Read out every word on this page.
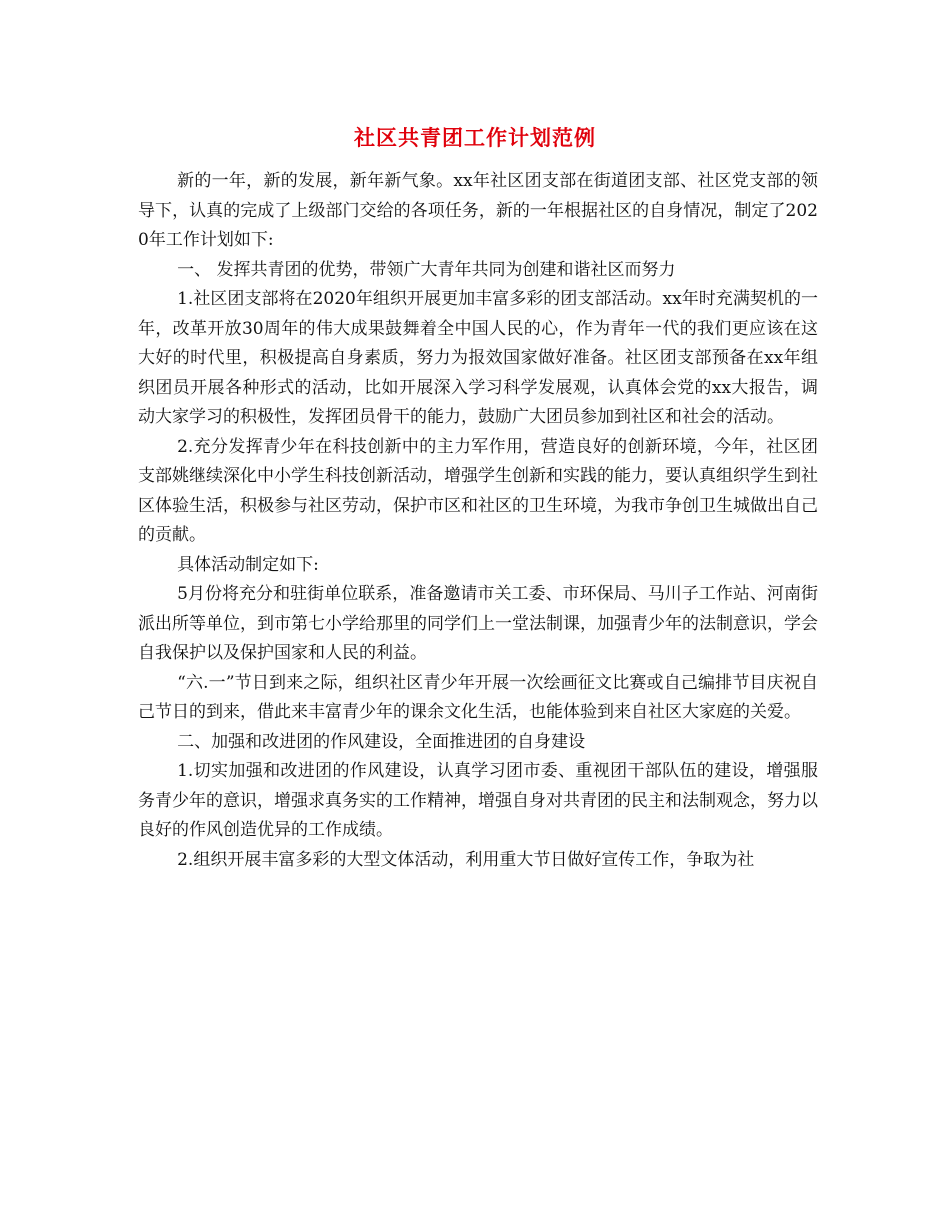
社区共青团工作计划范例

新的一年，新的发展，新年新气象。xx年社区团支部在街道团支部、社区党支部的领导下，认真的完成了上级部门交给的各项任务，新的一年根据社区的自身情况，制定了2020年工作计划如下:

一、 发挥共青团的优势，带领广大青年共同为创建和谐社区而努力

1.社区团支部将在2020年组织开展更加丰富多彩的团支部活动。xx年时充满契机的一年，改革开放30周年的伟大成果鼓舞着全中国人民的心，作为青年一代的我们更应该在这大好的时代里，积极提高自身素质，努力为报效国家做好准备。社区团支部预备在xx年组织团员开展各种形式的活动，比如开展深入学习科学发展观，认真体会党的xx大报告，调动大家学习的积极性，发挥团员骨干的能力，鼓励广大团员参加到社区和社会的活动。

2.充分发挥青少年在科技创新中的主力军作用，营造良好的创新环境，今年，社区团支部姚继续深化中小学生科技创新活动，增强学生创新和实践的能力，要认真组织学生到社区体验生活，积极参与社区劳动，保护市区和社区的卫生环境，为我市争创卫生城做出自己的贡献。

具体活动制定如下:

5月份将充分和驻街单位联系，准备邀请市关工委、市环保局、马川子工作站、河南街派出所等单位，到市第七小学给那里的同学们上一堂法制课，加强青少年的法制意识，学会自我保护以及保护国家和人民的利益。

“六.一”节日到来之际，组织社区青少年开展一次绘画征文比赛或自己编排节目庆祝自己节日的到来，借此来丰富青少年的课余文化生活，也能体验到来自社区大家庭的关爱。

二、加强和改进团的作风建设，全面推进团的自身建设

1.切实加强和改进团的作风建设，认真学习团市委、重视团干部队伍的建设，增强服务青少年的意识，增强求真务实的工作精神，增强自身对共青团的民主和法制观念，努力以良好的作风创造优异的工作成绩。

2.组织开展丰富多彩的大型文体活动，利用重大节日做好宣传工作，争取为社
